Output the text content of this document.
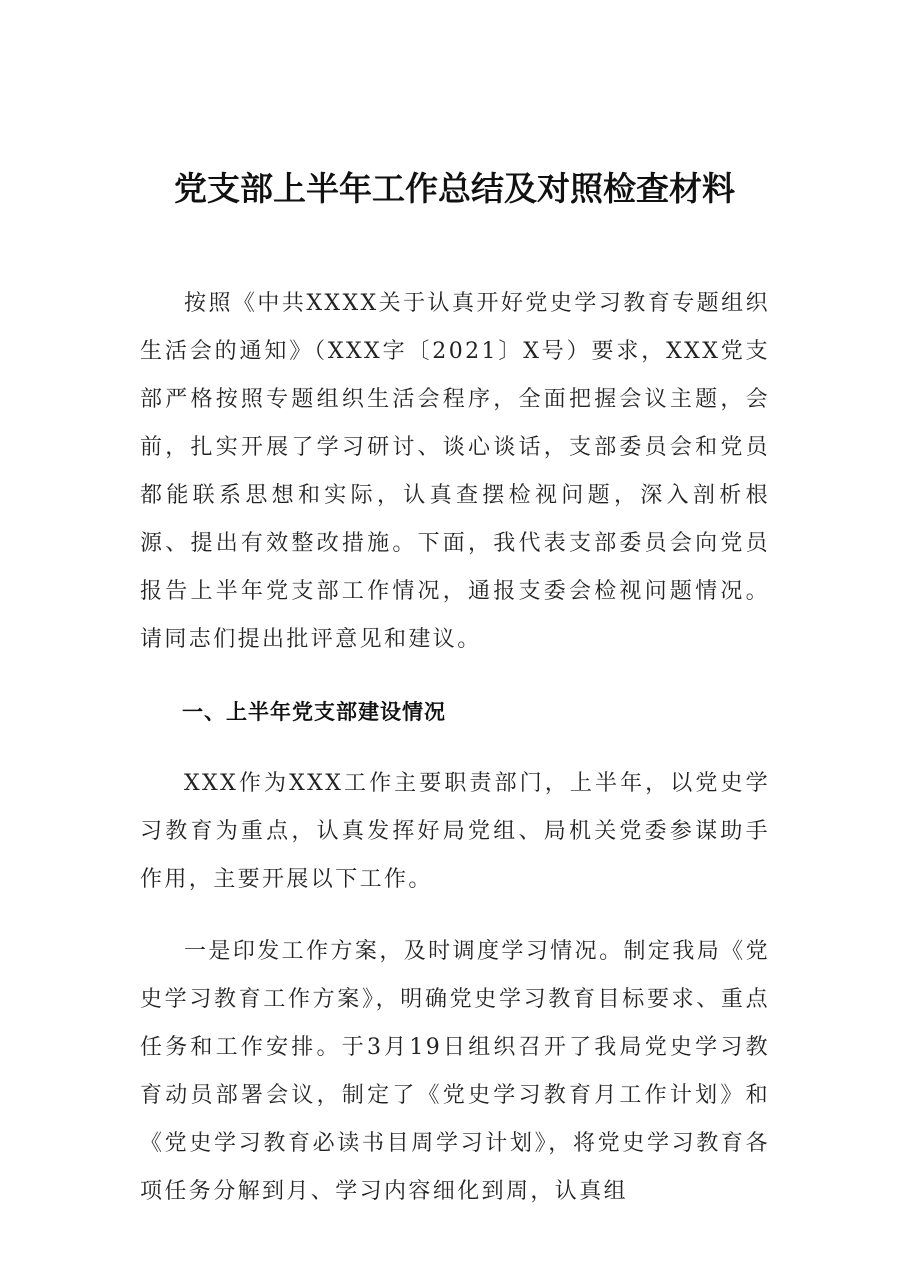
党支部上半年工作总结及对照检查材料

按照《中共XXXX关于认真开好党史学习教育专题组织生活会的通知》（XXX字〔2021〕X号）要求，XXX党支部严格按照专题组织生活会程序，全面把握会议主题，会前，扎实开展了学习研讨、谈心谈话，支部委员会和党员都能联系思想和实际，认真查摆检视问题，深入剖析根源、提出有效整改措施。下面，我代表支部委员会向党员报告上半年党支部工作情况，通报支委会检视问题情况。请同志们提出批评意见和建议。

一、上半年党支部建设情况

XXX作为XXX工作主要职责部门，上半年，以党史学习教育为重点，认真发挥好局党组、局机关党委参谋助手作用，主要开展以下工作。

一是印发工作方案，及时调度学习情况。制定我局《党史学习教育工作方案》，明确党史学习教育目标要求、重点任务和工作安排。于3月19日组织召开了我局党史学习教育动员部署会议，制定了《党史学习教育月工作计划》和《党史学习教育必读书目周学习计划》，将党史学习教育各项任务分解到月、学习内容细化到周，认真组
